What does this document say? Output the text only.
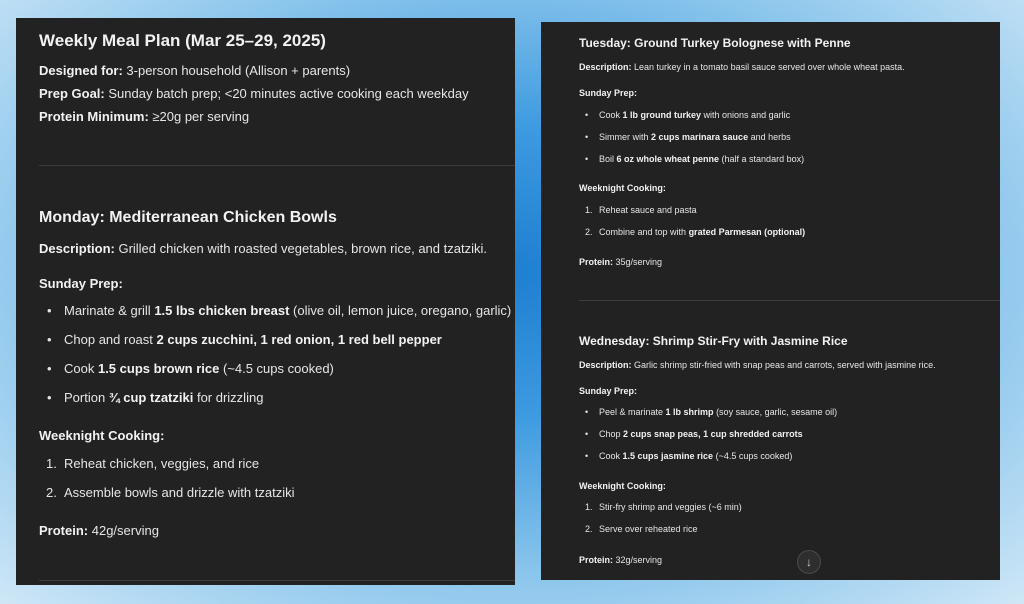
Weekly Meal Plan (Mar 25–29, 2025)
Designed for: 3-person household (Allison + parents)
Prep Goal: Sunday batch prep; <20 minutes active cooking each weekday
Protein Minimum: ≥20g per serving
Monday: Mediterranean Chicken Bowls
Description: Grilled chicken with roasted vegetables, brown rice, and tzatziki.
Sunday Prep:
• Marinate & grill 1.5 lbs chicken breast (olive oil, lemon juice, oregano, garlic)
• Chop and roast 2 cups zucchini, 1 red onion, 1 red bell pepper
• Cook 1.5 cups brown rice (~4.5 cups cooked)
• Portion ¾ cup tzatziki for drizzling
Weeknight Cooking:
1. Reheat chicken, veggies, and rice
2. Assemble bowls and drizzle with tzatziki
Protein: 42g/serving
Tuesday: Ground Turkey Bolognese with Penne
Description: Lean turkey in a tomato basil sauce served over whole wheat pasta.
Sunday Prep:
• Cook 1 lb ground turkey with onions and garlic
• Simmer with 2 cups marinara sauce and herbs
• Boil 6 oz whole wheat penne (half a standard box)
Weeknight Cooking:
1. Reheat sauce and pasta
2. Combine and top with grated Parmesan (optional)
Protein: 35g/serving
Wednesday: Shrimp Stir-Fry with Jasmine Rice
Description: Garlic shrimp stir-fried with snap peas and carrots, served with jasmine rice.
Sunday Prep:
• Peel & marinate 1 lb shrimp (soy sauce, garlic, sesame oil)
• Chop 2 cups snap peas, 1 cup shredded carrots
• Cook 1.5 cups jasmine rice (~4.5 cups cooked)
Weeknight Cooking:
1. Stir-fry shrimp and veggies (~6 min)
2. Serve over reheated rice
Protein: 32g/serving	↓
